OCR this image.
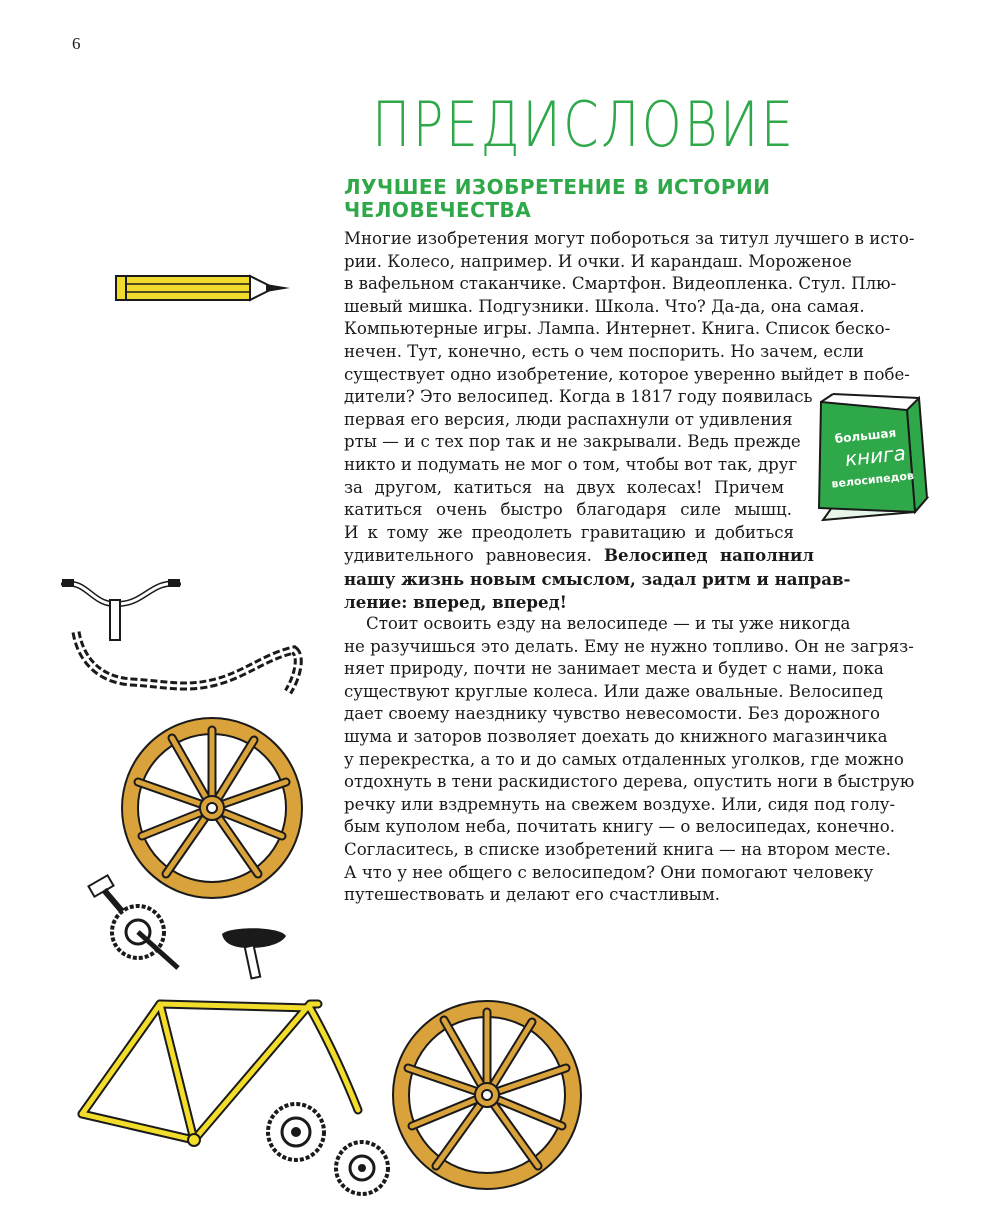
6
ПРЕДИСЛОВИЕ
ЛУЧШЕЕ ИЗОБРЕТЕНИЕ В ИСТОРИИ ЧЕЛОВЕЧЕСТВА
Многие изобретения могут побороться за титул лучшего в исто-
рии. Колесо, например. И очки. И карандаш. Мороженое
в вафельном стаканчике. Смартфон. Видеопленка. Стул. Плю-
шевый мишка. Подгузники. Школа. Что? Да-да, она самая.
Компьютерные игры. Лампа. Интернет. Книга. Список беско-
нечен. Тут, конечно, есть о чем поспорить. Но зачем, если
существует одно изобретение, которое уверенно выйдет в побе-
дители? Это велосипед. Когда в 1817 году появилась
первая его версия, люди распахнули от удивления
рты — и с тех пор так и не закрывали. Ведь прежде
никто и подумать не мог о том, чтобы вот так, друг
за другом, катиться на двух колесах! Причем
катиться очень быстро благодаря силе мышц.
И к тому же преодолеть гравитацию и добиться
удивительного равновесия. Велосипед наполнил
нашу жизнь новым смыслом, задал ритм и направ-
ление: вперед, вперед!
Стоит освоить езду на велосипеде — и ты уже никогда
не разучишься это делать. Ему не нужно топливо. Он не загряз-
няет природу, почти не занимает места и будет с нами, пока
существуют круглые колеса. Или даже овальные. Велосипед
дает своему наезднику чувство невесомости. Без дорожного
шума и заторов позволяет доехать до книжного магазинчика
у перекрестка, а то и до самых отдаленных уголков, где можно
отдохнуть в тени раскидистого дерева, опустить ноги в быструю
речку или вздремнуть на свежем воздухе. Или, сидя под голу-
бым куполом неба, почитать книгу — о велосипедах, конечно.
Согласитесь, в списке изобретений книга — на втором месте.
А что у нее общего с велосипедом? Они помогают человеку
путешествовать и делают его счастливым.
большая
книга
велосипедов
